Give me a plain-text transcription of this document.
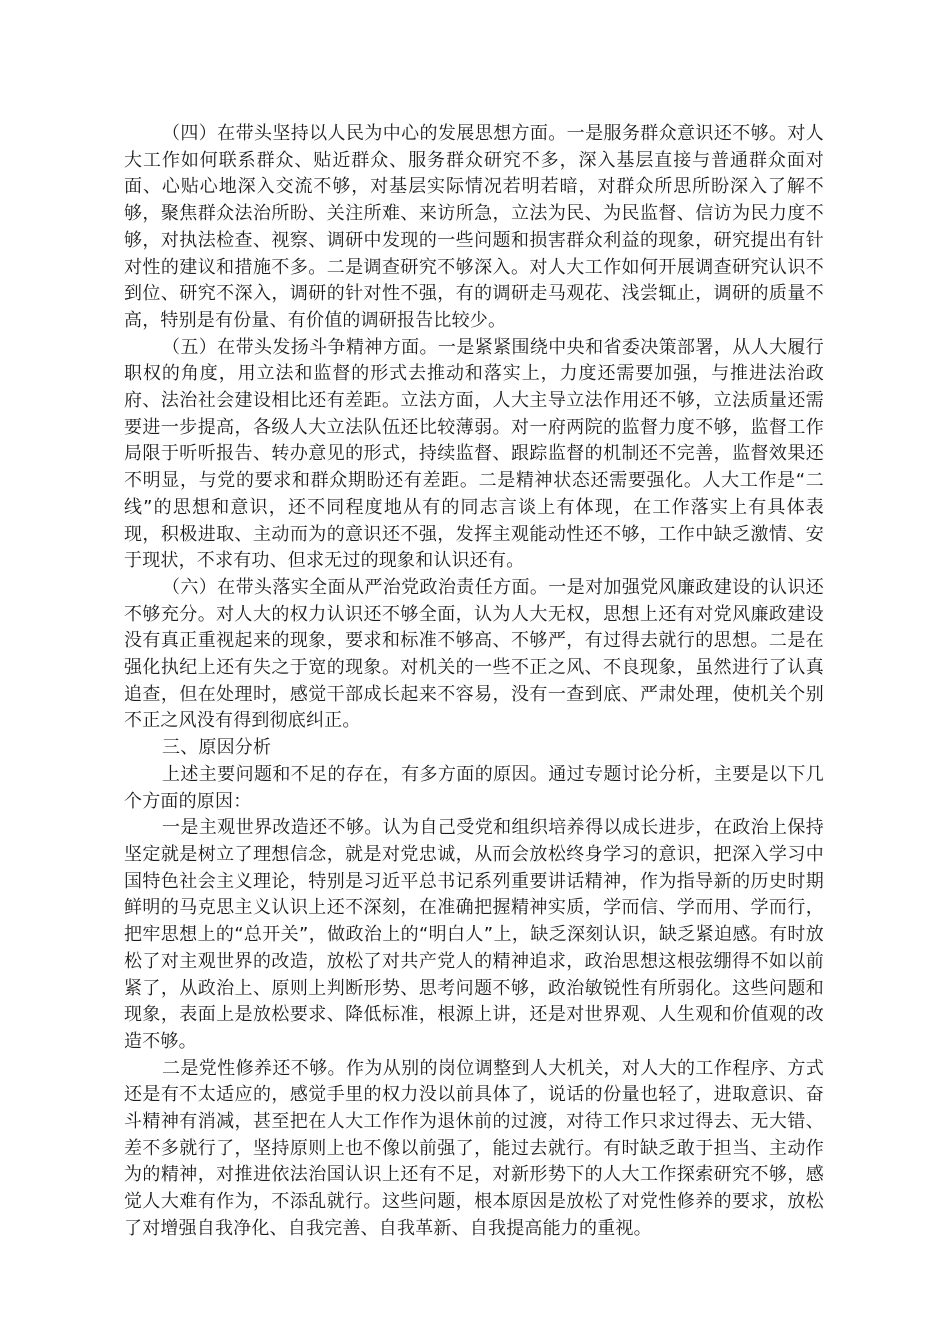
（四）在带头坚持以人民为中心的发展思想方面。一是服务群众意识还不够。对人大工作如何联系群众、贴近群众、服务群众研究不多，深入基层直接与普通群众面对面、心贴心地深入交流不够，对基层实际情况若明若暗，对群众所思所盼深入了解不够，聚焦群众法治所盼、关注所难、来访所急，立法为民、为民监督、信访为民力度不够，对执法检查、视察、调研中发现的一些问题和损害群众利益的现象，研究提出有针对性的建议和措施不多。二是调查研究不够深入。对人大工作如何开展调查研究认识不到位、研究不深入，调研的针对性不强，有的调研走马观花、浅尝辄止，调研的质量不高，特别是有份量、有价值的调研报告比较少。

（五）在带头发扬斗争精神方面。一是紧紧围绕中央和省委决策部署，从人大履行职权的角度，用立法和监督的形式去推动和落实上，力度还需要加强，与推进法治政府、法治社会建设相比还有差距。立法方面，人大主导立法作用还不够，立法质量还需要进一步提高，各级人大立法队伍还比较薄弱。对一府两院的监督力度不够，监督工作局限于听听报告、转办意见的形式，持续监督、跟踪监督的机制还不完善，监督效果还不明显，与党的要求和群众期盼还有差距。二是精神状态还需要强化。人大工作是“二线”的思想和意识，还不同程度地从有的同志言谈上有体现，在工作落实上有具体表现，积极进取、主动而为的意识还不强，发挥主观能动性还不够，工作中缺乏激情、安于现状，不求有功、但求无过的现象和认识还有。

（六）在带头落实全面从严治党政治责任方面。一是对加强党风廉政建设的认识还不够充分。对人大的权力认识还不够全面，认为人大无权，思想上还有对党风廉政建设没有真正重视起来的现象，要求和标准不够高、不够严，有过得去就行的思想。二是在强化执纪上还有失之于宽的现象。对机关的一些不正之风、不良现象，虽然进行了认真追查，但在处理时，感觉干部成长起来不容易，没有一查到底、严肃处理，使机关个别不正之风没有得到彻底纠正。

三、原因分析

上述主要问题和不足的存在，有多方面的原因。通过专题讨论分析，主要是以下几个方面的原因：

一是主观世界改造还不够。认为自己受党和组织培养得以成长进步，在政治上保持坚定就是树立了理想信念，就是对党忠诚，从而会放松终身学习的意识，把深入学习中国特色社会主义理论，特别是习近平总书记系列重要讲话精神，作为指导新的历史时期鲜明的马克思主义认识上还不深刻，在准确把握精神实质，学而信、学而用、学而行，把牢思想上的“总开关”，做政治上的“明白人”上，缺乏深刻认识，缺乏紧迫感。有时放松了对主观世界的改造，放松了对共产党人的精神追求，政治思想这根弦绷得不如以前紧了，从政治上、原则上判断形势、思考问题不够，政治敏锐性有所弱化。这些问题和现象，表面上是放松要求、降低标准，根源上讲，还是对世界观、人生观和价值观的改造不够。

二是党性修养还不够。作为从别的岗位调整到人大机关，对人大的工作程序、方式还是有不太适应的，感觉手里的权力没以前具体了，说话的份量也轻了，进取意识、奋斗精神有消减，甚至把在人大工作作为退休前的过渡，对待工作只求过得去、无大错、差不多就行了，坚持原则上也不像以前强了，能过去就行。有时缺乏敢于担当、主动作为的精神，对推进依法治国认识上还有不足，对新形势下的人大工作探索研究不够，感觉人大难有作为，不添乱就行。这些问题，根本原因是放松了对党性修养的要求，放松了对增强自我净化、自我完善、自我革新、自我提高能力的重视。
